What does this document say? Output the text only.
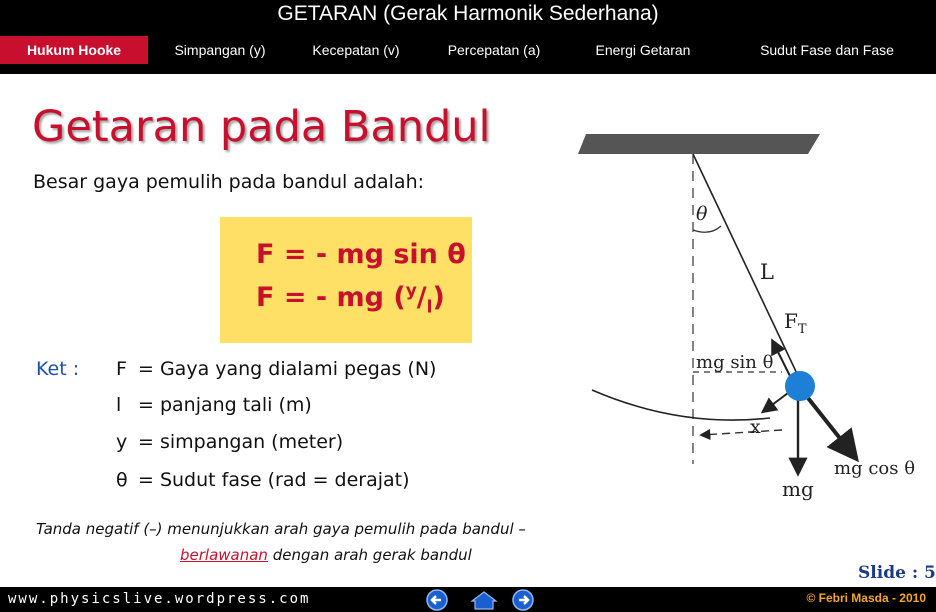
GETARAN (Gerak Harmonik Sederhana)
Hukum Hooke	Simpangan (y)	Kecepatan (v)	Percepatan (a)	Energi Getaran	Sudut Fase dan Fase
Getaran pada Bandul
Besar gaya pemulih pada bandul adalah:
F = - mg sin θ
F = - mg $(^y/_l)$
Ket : F = Gaya yang dialami pegas (N)
l = panjang tali (m)
y = simpangan (meter)
θ = Sudut fase (rad = derajat)
Tanda negatif (–) menunjukkan arah gaya pemulih pada bandul –
berlawanan dengan arah gerak bandul
θ
L
$F_T$
mg sin θ
x
mg cos θ
mg
Slide : 5
www.physicslive.wordpress.com	© Febri Masda - 2010
